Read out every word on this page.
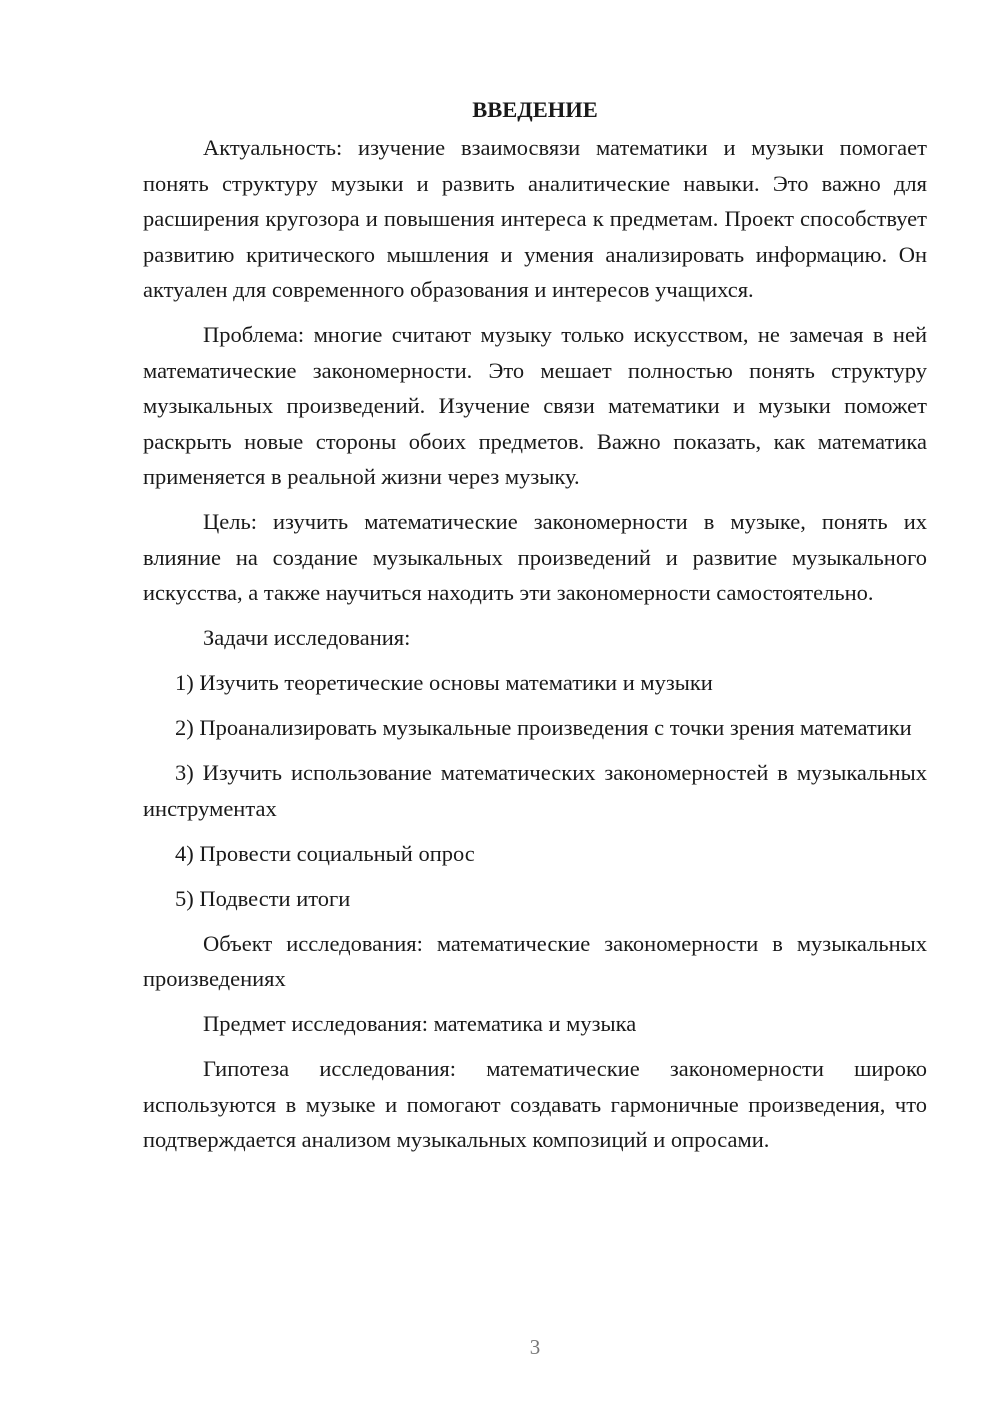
ВВЕДЕНИЕ

Актуальность: изучение взаимосвязи математики и музыки помогает понять структуру музыки и развить аналитические навыки. Это важно для расширения кругозора и повышения интереса к предметам. Проект способствует развитию критического мышления и умения анализировать информацию. Он актуален для современного образования и интересов учащихся.

Проблема: многие считают музыку только искусством, не замечая в ней математические закономерности. Это мешает полностью понять структуру музыкальных произведений. Изучение связи математики и музыки поможет раскрыть новые стороны обоих предметов. Важно показать, как математика применяется в реальной жизни через музыку.

Цель: изучить математические закономерности в музыке, понять их влияние на создание музыкальных произведений и развитие музыкального искусства, а также научиться находить эти закономерности самостоятельно.

Задачи исследования:

1) Изучить теоретические основы математики и музыки

2) Проанализировать музыкальные произведения с точки зрения математики

3) Изучить использование математических закономерностей в музыкальных инструментах

4) Провести социальный опрос

5) Подвести итоги

Объект исследования: математические закономерности в музыкальных произведениях

Предмет исследования: математика и музыка

Гипотеза исследования: математические закономерности широко используются в музыке и помогают создавать гармоничные произведения, что подтверждается анализом музыкальных композиций и опросами.

3
